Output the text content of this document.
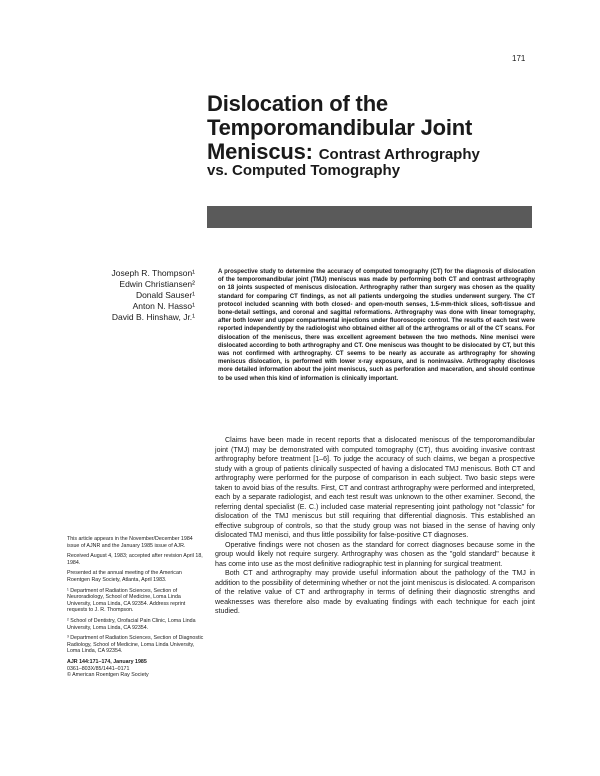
171
Dislocation of the Temporomandibular Joint Meniscus: Contrast Arthrography
vs. Computed Tomography
Joseph R. Thompson¹
Edwin Christiansen²
Donald Sauser¹
Anton N. Hasso¹
David B. Hinshaw, Jr.¹
A prospective study to determine the accuracy of computed tomography (CT) for the diagnosis of dislocation of the temporomandibular joint (TMJ) meniscus was made by performing both CT and contrast arthrography on 18 joints suspected of meniscus dislocation. Arthrography rather than surgery was chosen as the quality standard for comparing CT findings, as not all patients undergoing the studies underwent surgery. The CT protocol included scanning with both closed- and open-mouth senses, 1.5-mm-thick slices, soft-tissue and bone-detail settings, and coronal and sagittal reformations. Arthrography was done with linear tomography, after both lower and upper compartmental injections under fluoroscopic control. The results of each test were reported independently by the radiologist who obtained either all of the arthrograms or all of the CT scans. For dislocation of the meniscus, there was excellent agreement between the two methods. Nine menisci were dislocated according to both arthrography and CT. One meniscus was thought to be dislocated by CT, but this was not confirmed with arthrography. CT seems to be nearly as accurate as arthrography for showing meniscus dislocation, is performed with lower x-ray exposure, and is noninvasive. Arthrography discloses more detailed information about the joint meniscus, such as perforation and maceration, and should continue to be used when this kind of information is clinically important.

Claims have been made in recent reports that a dislocated meniscus of the temporomandibular joint (TMJ) may be demonstrated with computed tomography (CT), thus avoiding invasive contrast arthrography before treatment [1–6]. To judge the accuracy of such claims, we began a prospective study with a group of patients clinically suspected of having a dislocated TMJ meniscus. Both CT and arthrography were performed for the purpose of comparison in each subject. Two basic steps were taken to avoid bias of the results. First, CT and contrast arthrography were performed and interpreted, each by a separate radiologist, and each test result was unknown to the other examiner. Second, the referring dental specialist (E. C.) included case material representing joint pathology not "classic" for dislocation of the TMJ meniscus but still requiring that differential diagnosis. This established an effective subgroup of controls, so that the study group was not biased in the sense of having only dislocated TMJ menisci, and thus little possibility for false-positive CT diagnoses.

Operative findings were not chosen as the standard for correct diagnoses because some in the group would likely not require surgery. Arthrography was chosen as the "gold standard" because it has come into use as the most definitive radiographic test in planning for surgical treatment.

Both CT and arthrography may provide useful information about the pathology of the TMJ in addition to the possibility of determining whether or not the joint meniscus is dislocated. A comparison of the relative value of CT and arthrography in terms of defining their diagnostic strengths and weaknesses was therefore also made by evaluating findings with each technique for each joint studied.

This article appears in the November/December 1984 issue of AJNR and the January 1985 issue of AJR.

Received August 4, 1983; accepted after revision April 18, 1984.

Presented at the annual meeting of the American Roentgen Ray Society, Atlanta, April 1983.

¹ Department of Radiation Sciences, Section of Neuroradiology, School of Medicine, Loma Linda University, Loma Linda, CA 92354. Address reprint requests to J. R. Thompson.

² School of Dentistry, Orofacial Pain Clinic, Loma Linda University, Loma Linda, CA 92354.

³ Department of Radiation Sciences, Section of Diagnostic Radiology, School of Medicine, Loma Linda University, Loma Linda, CA 92354.

AJR 144:171–174, January 1985

0361–803X/85/1441–0171

© American Roentgen Ray Society
